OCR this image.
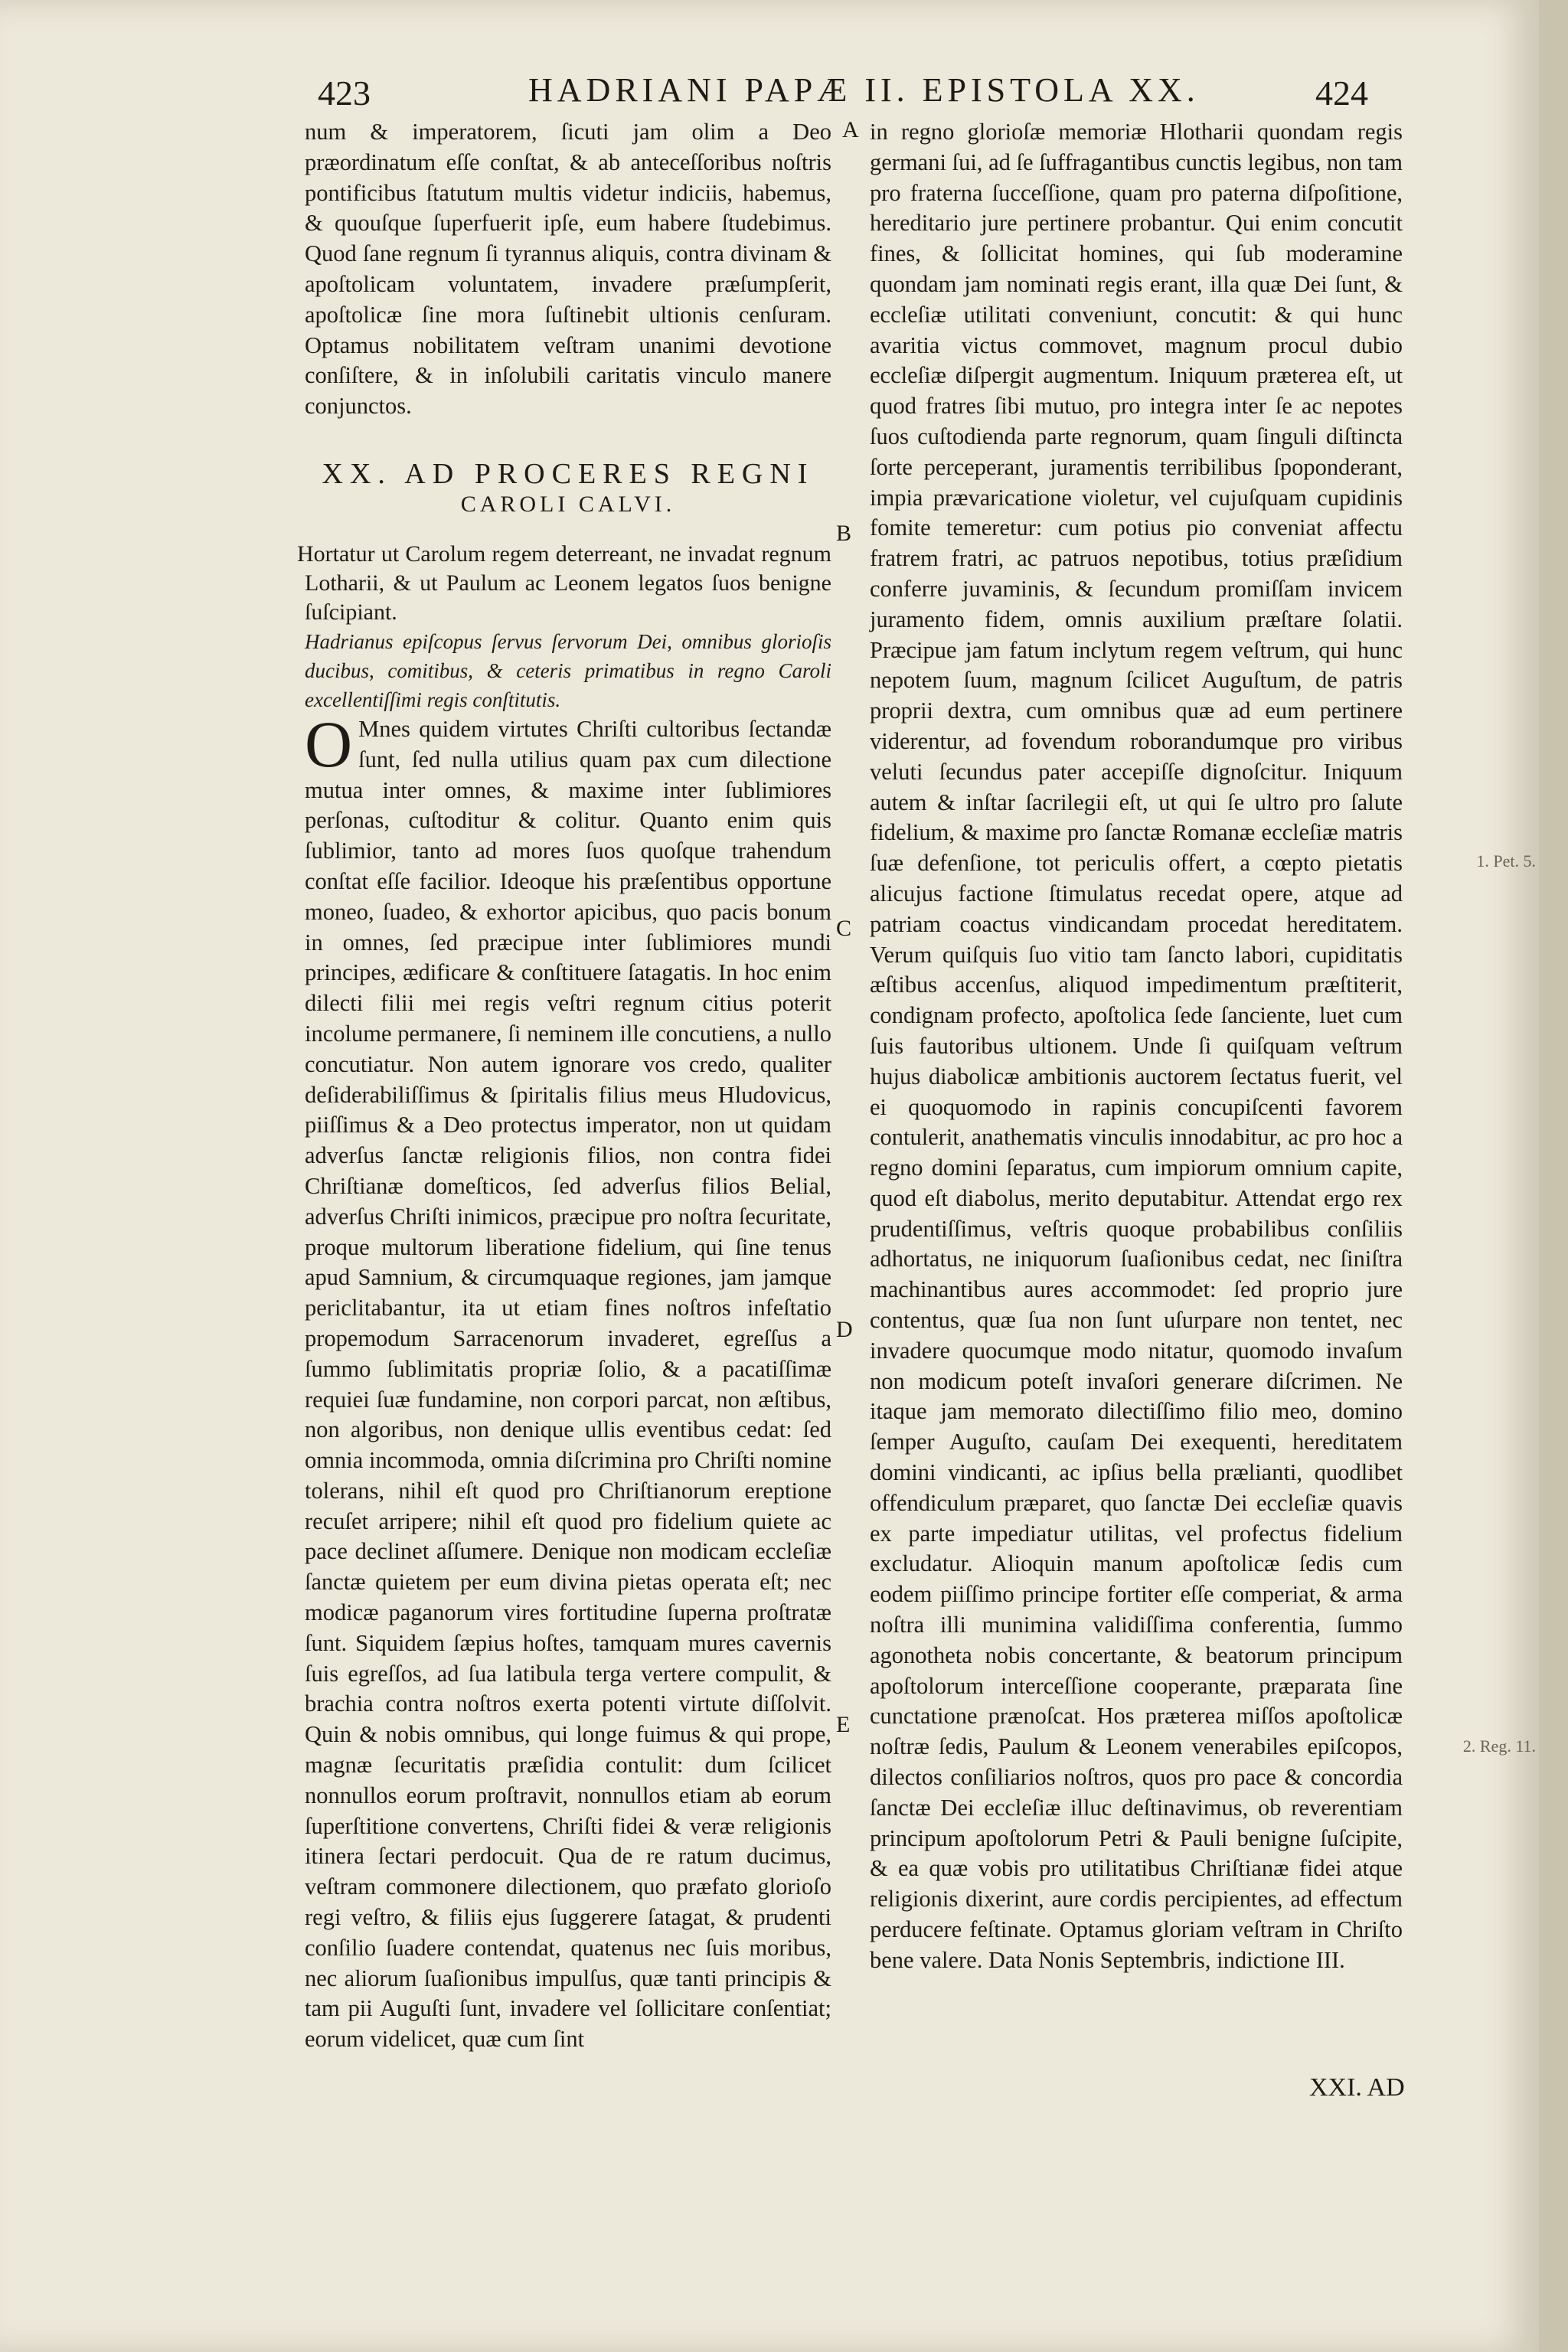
423	HADRIANI PAPÆ II. EPISTOLA XX.	424

num & imperatorem, ſicuti jam olim a Deo præordinatum eſſe conſtat, & ab anteceſſoribus noſtris pontificibus ſtatutum multis videtur indiciis, habemus, & quouſque ſuperfuerit ipſe, eum habere ſtudebimus. Quod ſane regnum ſi tyrannus aliquis, contra divinam & apoſtolicam voluntatem, invadere præſumpſerit, apoſtolicæ ſine mora ſuſtinebit ultionis cenſuram. Optamus nobilitatem veſtram unanimi devotione conſiſtere, & in inſolubili caritatis vinculo manere conjunctos.

XX. AD PROCERES REGNI
CAROLI CALVI.

Hortatur ut Carolum regem deterreant, ne invadat regnum Lotharii, & ut Paulum ac Leonem legatos ſuos benigne ſuſcipiant.

Hadrianus epiſcopus ſervus ſervorum Dei, omnibus glorioſis ducibus, comitibus, & ceteris primatibus in regno Caroli excellentiſſimi regis conſtitutis.

O Mnes quidem virtutes Chriſti cultoribus ſectandæ ſunt, ſed nulla utilius quam pax cum dilectione mutua inter omnes, & maxime inter ſublimiores perſonas, cuſtoditur & colitur. Quanto enim quis ſublimior, tanto ad mores ſuos quoſque trahendum conſtat eſſe facilior. Ideoque his præſentibus opportune moneo, ſuadeo, & exhortor apicibus, quo pacis bonum in omnes, ſed præcipue inter ſublimiores mundi principes, ædificare & conſtituere ſatagatis. In hoc enim dilecti filii mei regis veſtri regnum citius poterit incolume permanere, ſi neminem ille concutiens, a nullo concutiatur. Non autem ignorare vos credo, qualiter deſiderabiliſſimus & ſpiritalis filius meus Hludovicus, piiſſimus & a Deo protectus imperator, non ut quidam adverſus ſanctæ religionis filios, non contra fidei Chriſtianæ domeſticos, ſed adverſus filios Belial, adverſus Chriſti inimicos, præcipue pro noſtra ſecuritate, proque multorum liberatione fidelium, qui ſine tenus apud Samnium, & circumquaque regiones, jam jamque periclitabantur, ita ut etiam fines noſtros infeſtatio propemodum Sarracenorum invaderet, egreſſus a ſummo ſublimitatis propriæ ſolio, & a pacatiſſimæ requiei ſuæ fundamine, non corpori parcat, non æſtibus, non algoribus, non denique ullis eventibus cedat: ſed omnia incommoda, omnia diſcrimina pro Chriſti nomine tolerans, nihil eſt quod pro Chriſtianorum ereptione recuſet arripere; nihil eſt quod pro fidelium quiete ac pace declinet aſſumere. Denique non modicam eccleſiæ ſanctæ quietem per eum divina pietas operata eſt; nec modicæ paganorum vires fortitudine ſuperna proſtratæ ſunt. Siquidem ſæpius hoſtes, tamquam mures cavernis ſuis egreſſos, ad ſua latibula terga vertere compulit, & brachia contra noſtros exerta potenti virtute diſſolvit. Quin & nobis omnibus, qui longe fuimus & qui prope, magnæ ſecuritatis præſidia contulit: dum ſcilicet nonnullos eorum proſtravit, nonnullos etiam ab eorum ſuperſtitione convertens, Chriſti fidei & veræ religionis itinera ſectari perdocuit. Qua de re ratum ducimus, veſtram commonere dilectionem, quo præfato glorioſo regi veſtro, & filiis ejus ſuggerere ſatagat, & prudenti conſilio ſuadere contendat, quatenus nec ſuis moribus, nec aliorum ſuaſionibus impulſus, quæ tanti principis & tam pii Auguſti ſunt, invadere vel ſollicitare conſentiat; eorum videlicet, quæ cum ſint

A
B
C
D
E

in regno glorioſæ memoriæ Hlotharii quondam regis germani ſui, ad ſe ſuffragantibus cunctis legibus, non tam pro fraterna ſucceſſione, quam pro paterna diſpoſitione, hereditario jure pertinere probantur. Qui enim concutit fines, & ſollicitat homines, qui ſub moderamine quondam jam nominati regis erant, illa quæ Dei ſunt, & eccleſiæ utilitati conveniunt, concutit: & qui hunc avaritia victus commovet, magnum procul dubio eccleſiæ diſpergit augmentum. Iniquum præterea eſt, ut quod fratres ſibi mutuo, pro integra inter ſe ac nepotes ſuos cuſtodienda parte regnorum, quam ſinguli diſtincta ſorte perceperant, juramentis terribilibus ſpoponderant, impia prævaricatione violetur, vel cujuſquam cupidinis fomite temeretur: cum potius pio conveniat affectu fratrem fratri, ac patruos nepotibus, totius præſidium conferre juvaminis, & ſecundum promiſſam invicem juramento fidem, omnis auxilium præſtare ſolatii. Præcipue jam fatum inclytum regem veſtrum, qui hunc nepotem ſuum, magnum ſcilicet Auguſtum, de patris proprii dextra, cum omnibus quæ ad eum pertinere viderentur, ad fovendum roborandumque pro viribus veluti ſecundus pater accepiſſe dignoſcitur. Iniquum autem & inſtar ſacrilegii eſt, ut qui ſe ultro pro ſalute fidelium, & maxime pro ſanctæ Romanæ eccleſiæ matris ſuæ defenſione, tot periculis offert, a cœpto pietatis alicujus factione ſtimulatus recedat opere, atque ad patriam coactus vindicandam procedat hereditatem. Verum quiſquis ſuo vitio tam ſancto labori, cupiditatis æſtibus accenſus, aliquod impedimentum præſtiterit, condignam profecto, apoſtolica ſede ſanciente, luet cum ſuis fautoribus ultionem. Unde ſi quiſquam veſtrum hujus diabolicæ ambitionis auctorem ſectatus fuerit, vel ei quoquomodo in rapinis concupiſcenti favorem contulerit, anathematis vinculis innodabitur, ac pro hoc a regno domini ſeparatus, cum impiorum omnium capite, quod eſt diabolus, merito deputabitur. Attendat ergo rex prudentiſſimus, veſtris quoque probabilibus conſiliis adhortatus, ne iniquorum ſuaſionibus cedat, nec ſiniſtra machinantibus aures accommodet: ſed proprio jure contentus, quæ ſua non ſunt uſurpare non tentet, nec invadere quocumque modo nitatur, quomodo invaſum non modicum poteſt invaſori generare diſcrimen. Ne itaque jam memorato dilectiſſimo filio meo, domino ſemper Auguſto, cauſam Dei exequenti, hereditatem domini vindicanti, ac ipſius bella prælianti, quodlibet offendiculum præparet, quo ſanctæ Dei eccleſiæ quavis ex parte impediatur utilitas, vel profectus fidelium excludatur. Alioquin manum apoſtolicæ ſedis cum eodem piiſſimo principe fortiter eſſe comperiat, & arma noſtra illi munimina validiſſima conferentia, ſummo agonotheta nobis concertante, & beatorum principum apoſtolorum interceſſione cooperante, præparata ſine cunctatione prænoſcat. Hos præterea miſſos apoſtolicæ noſtræ ſedis, Paulum & Leonem venerabiles epiſcopos, dilectos conſiliarios noſtros, quos pro pace & concordia ſanctæ Dei eccleſiæ illuc deſtinavimus, ob reverentiam principum apoſtolorum Petri & Pauli benigne ſuſcipite, & ea quæ vobis pro utilitatibus Chriſtianæ fidei atque religionis dixerint, aure cordis percipientes, ad effectum perducere feſtinate. Optamus gloriam veſtram in Chriſto bene valere. Data Nonis Septembris, indictione III.

XXI. AD
1. Pet. 5.
2. Reg. 11.
